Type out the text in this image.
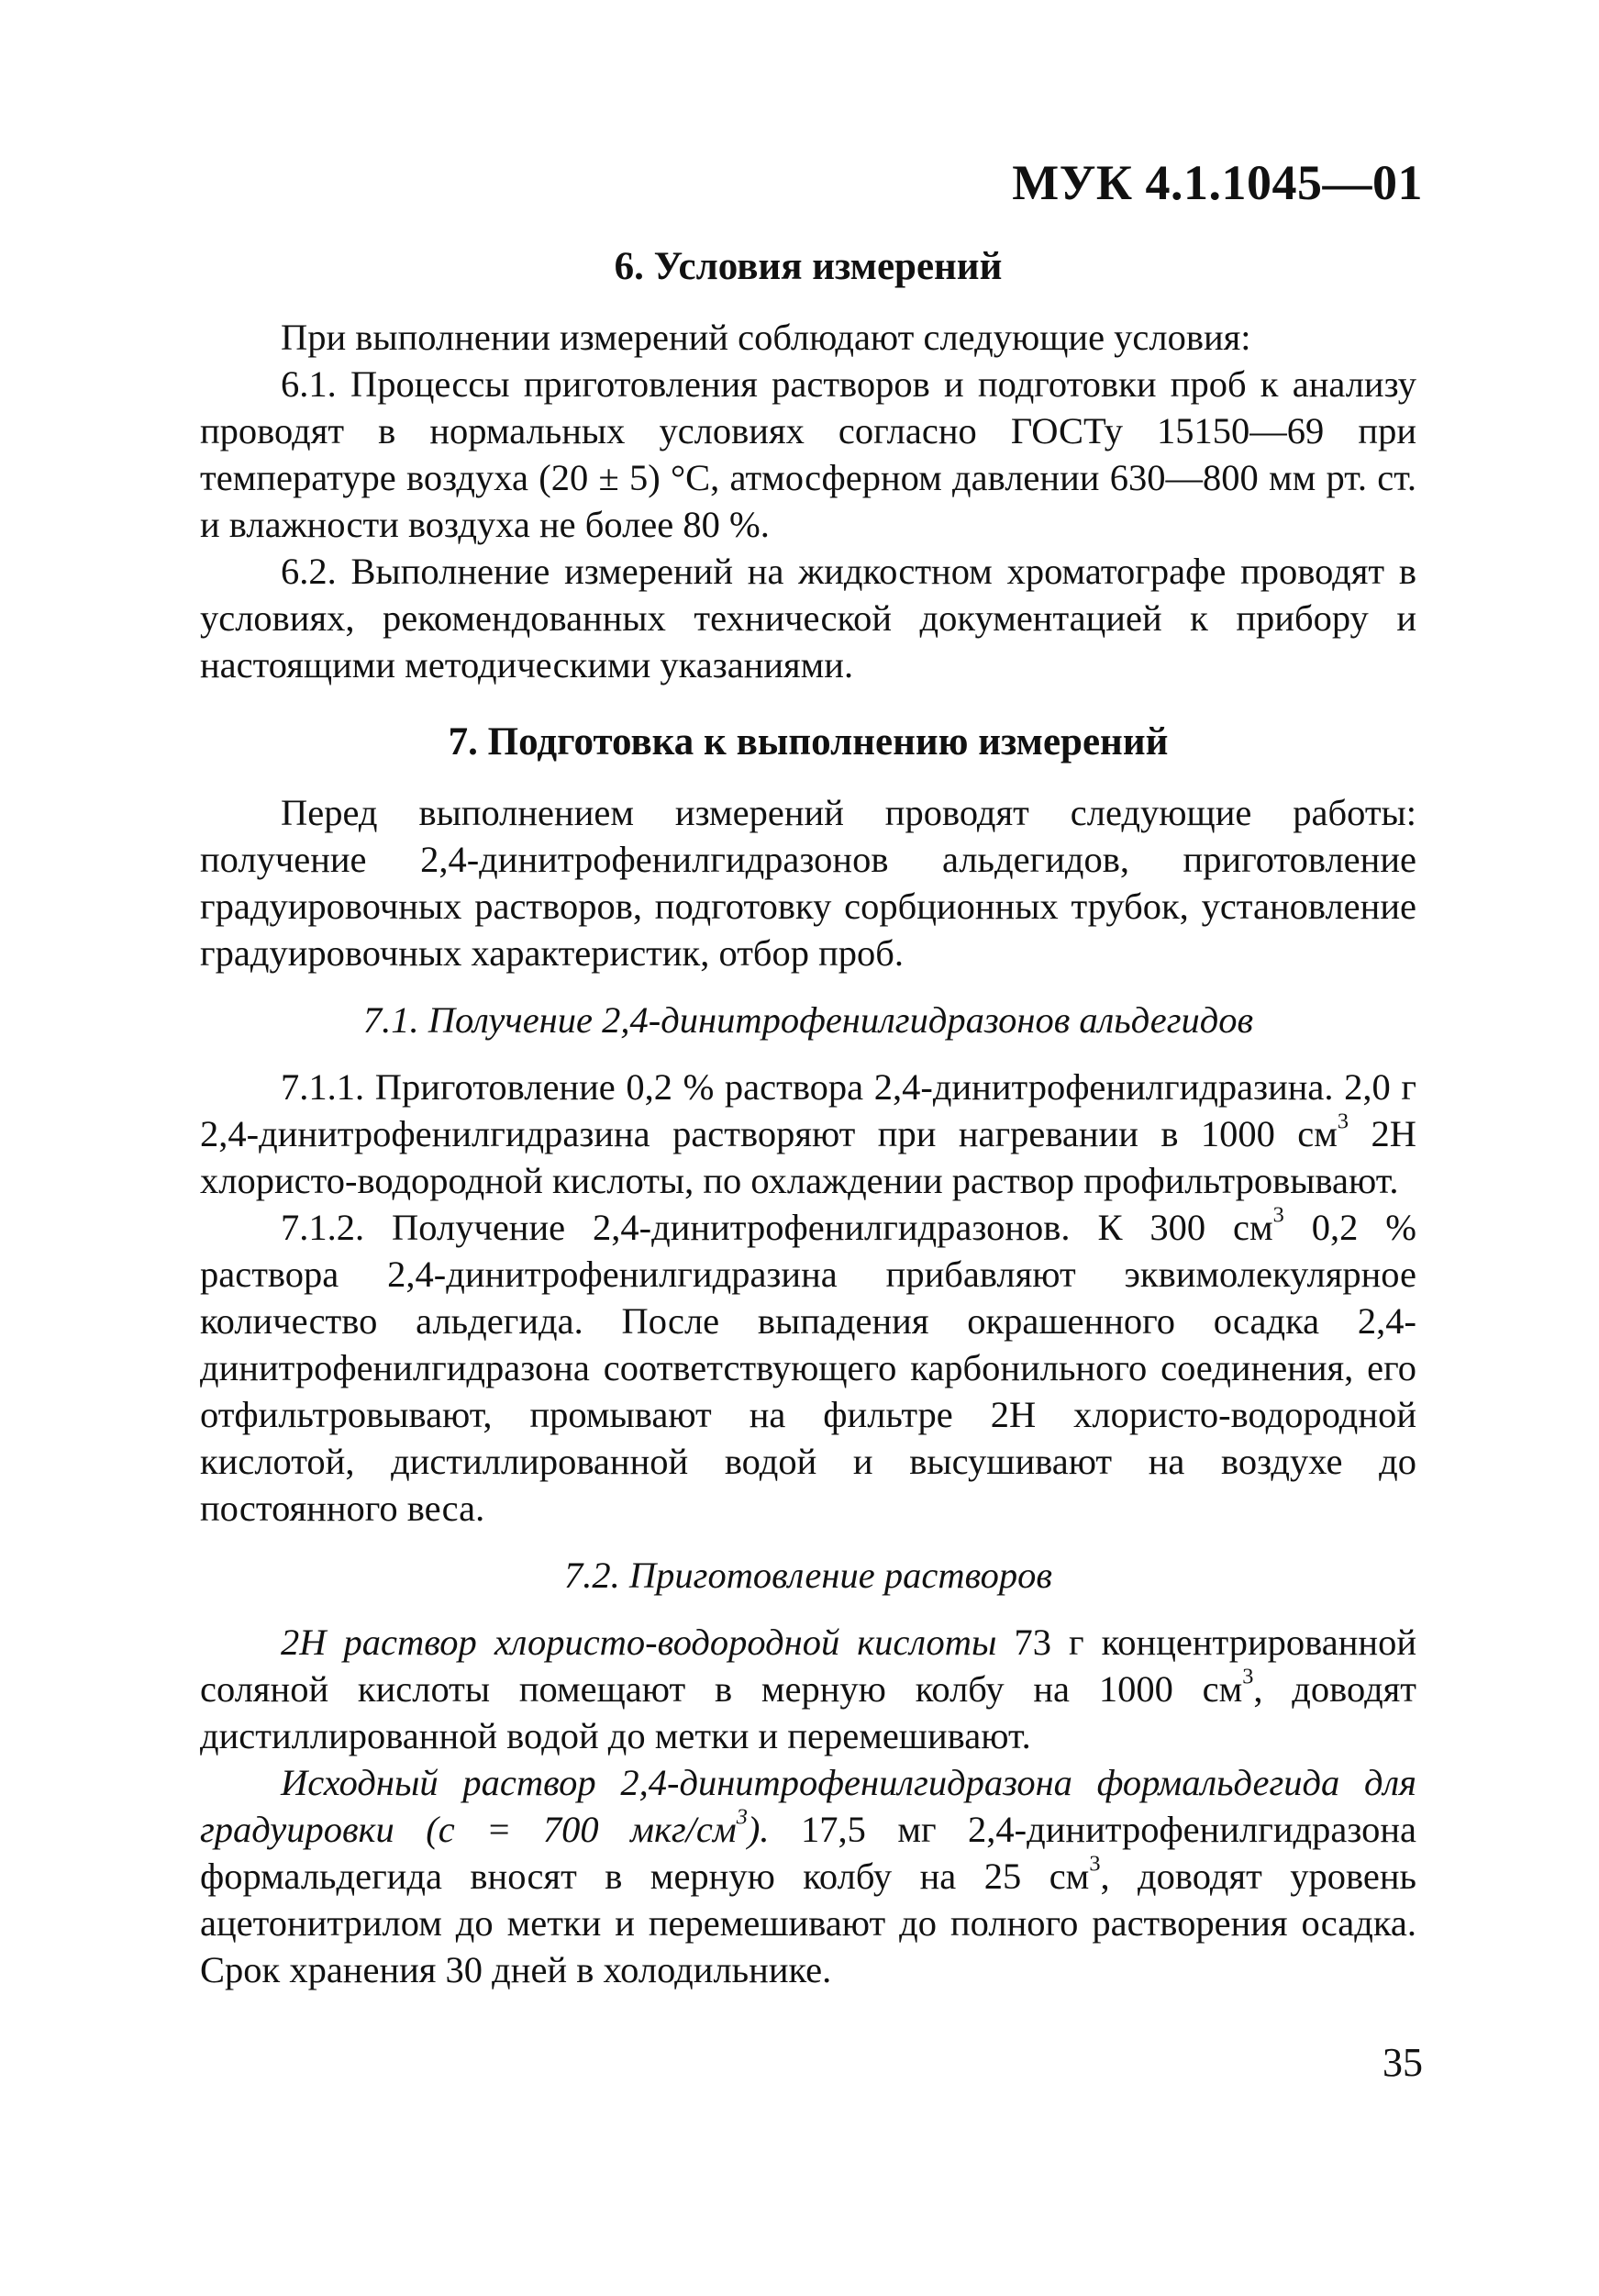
МУК 4.1.1045—01
6. Условия измерений

При выполнении измерений соблюдают следующие условия:

6.1. Процессы приготовления растворов и подготовки проб к анализу проводят в нормальных условиях согласно ГОСТу 15150—69 при температуре воздуха (20 ± 5) °С, атмосферном давлении 630—800 мм рт. ст. и влажности воздуха не более 80 %.

6.2. Выполнение измерений на жидкостном хроматографе проводят в условиях, рекомендованных технической документацией к прибору и настоящими методическими указаниями.

7. Подготовка к выполнению измерений

Перед выполнением измерений проводят следующие работы: получение 2,4-динитрофенилгидразонов альдегидов, приготовление градуировочных растворов, подготовку сорбционных трубок, установление градуировочных характеристик, отбор проб.

7.1. Получение 2,4-динитрофенилгидразонов альдегидов

7.1.1. Приготовление 0,2 % раствора 2,4-динитрофенилгидразина. 2,0 г 2,4-динитрофенилгидразина растворяют при нагревании в 1000 $см^3$ 2Н хлористо-водородной кислоты, по охлаждении раствор профильтровывают.

7.1.2. Получение 2,4-динитрофенилгидразонов. К 300 $см^3$ 0,2 % раствора 2,4-динитрофенилгидразина прибавляют эквимолекулярное количество альдегида. После выпадения окрашенного осадка 2,4-динитрофенилгидразона соответствующего карбонильного соединения, его отфильтровывают, промывают на фильтре 2Н хлористо-водородной кислотой, дистиллированной водой и высушивают на воздухе до постоянного веса.

7.2. Приготовление растворов

2Н раствор хлористо-водородной кислоты 73 г концентрированной соляной кислоты помещают в мерную колбу на 1000 $см^3$, доводят дистиллированной водой до метки и перемешивают.

Исходный раствор 2,4-динитрофенилгидразона формальдегида для градуировки (с = 700 мкг/$см^3$). 17,5 мг 2,4-динитрофенилгидразона формальдегида вносят в мерную колбу на 25 $см^3$, доводят уровень ацетонитрилом до метки и перемешивают до полного растворения осадка. Срок хранения 30 дней в холодильнике.

35
